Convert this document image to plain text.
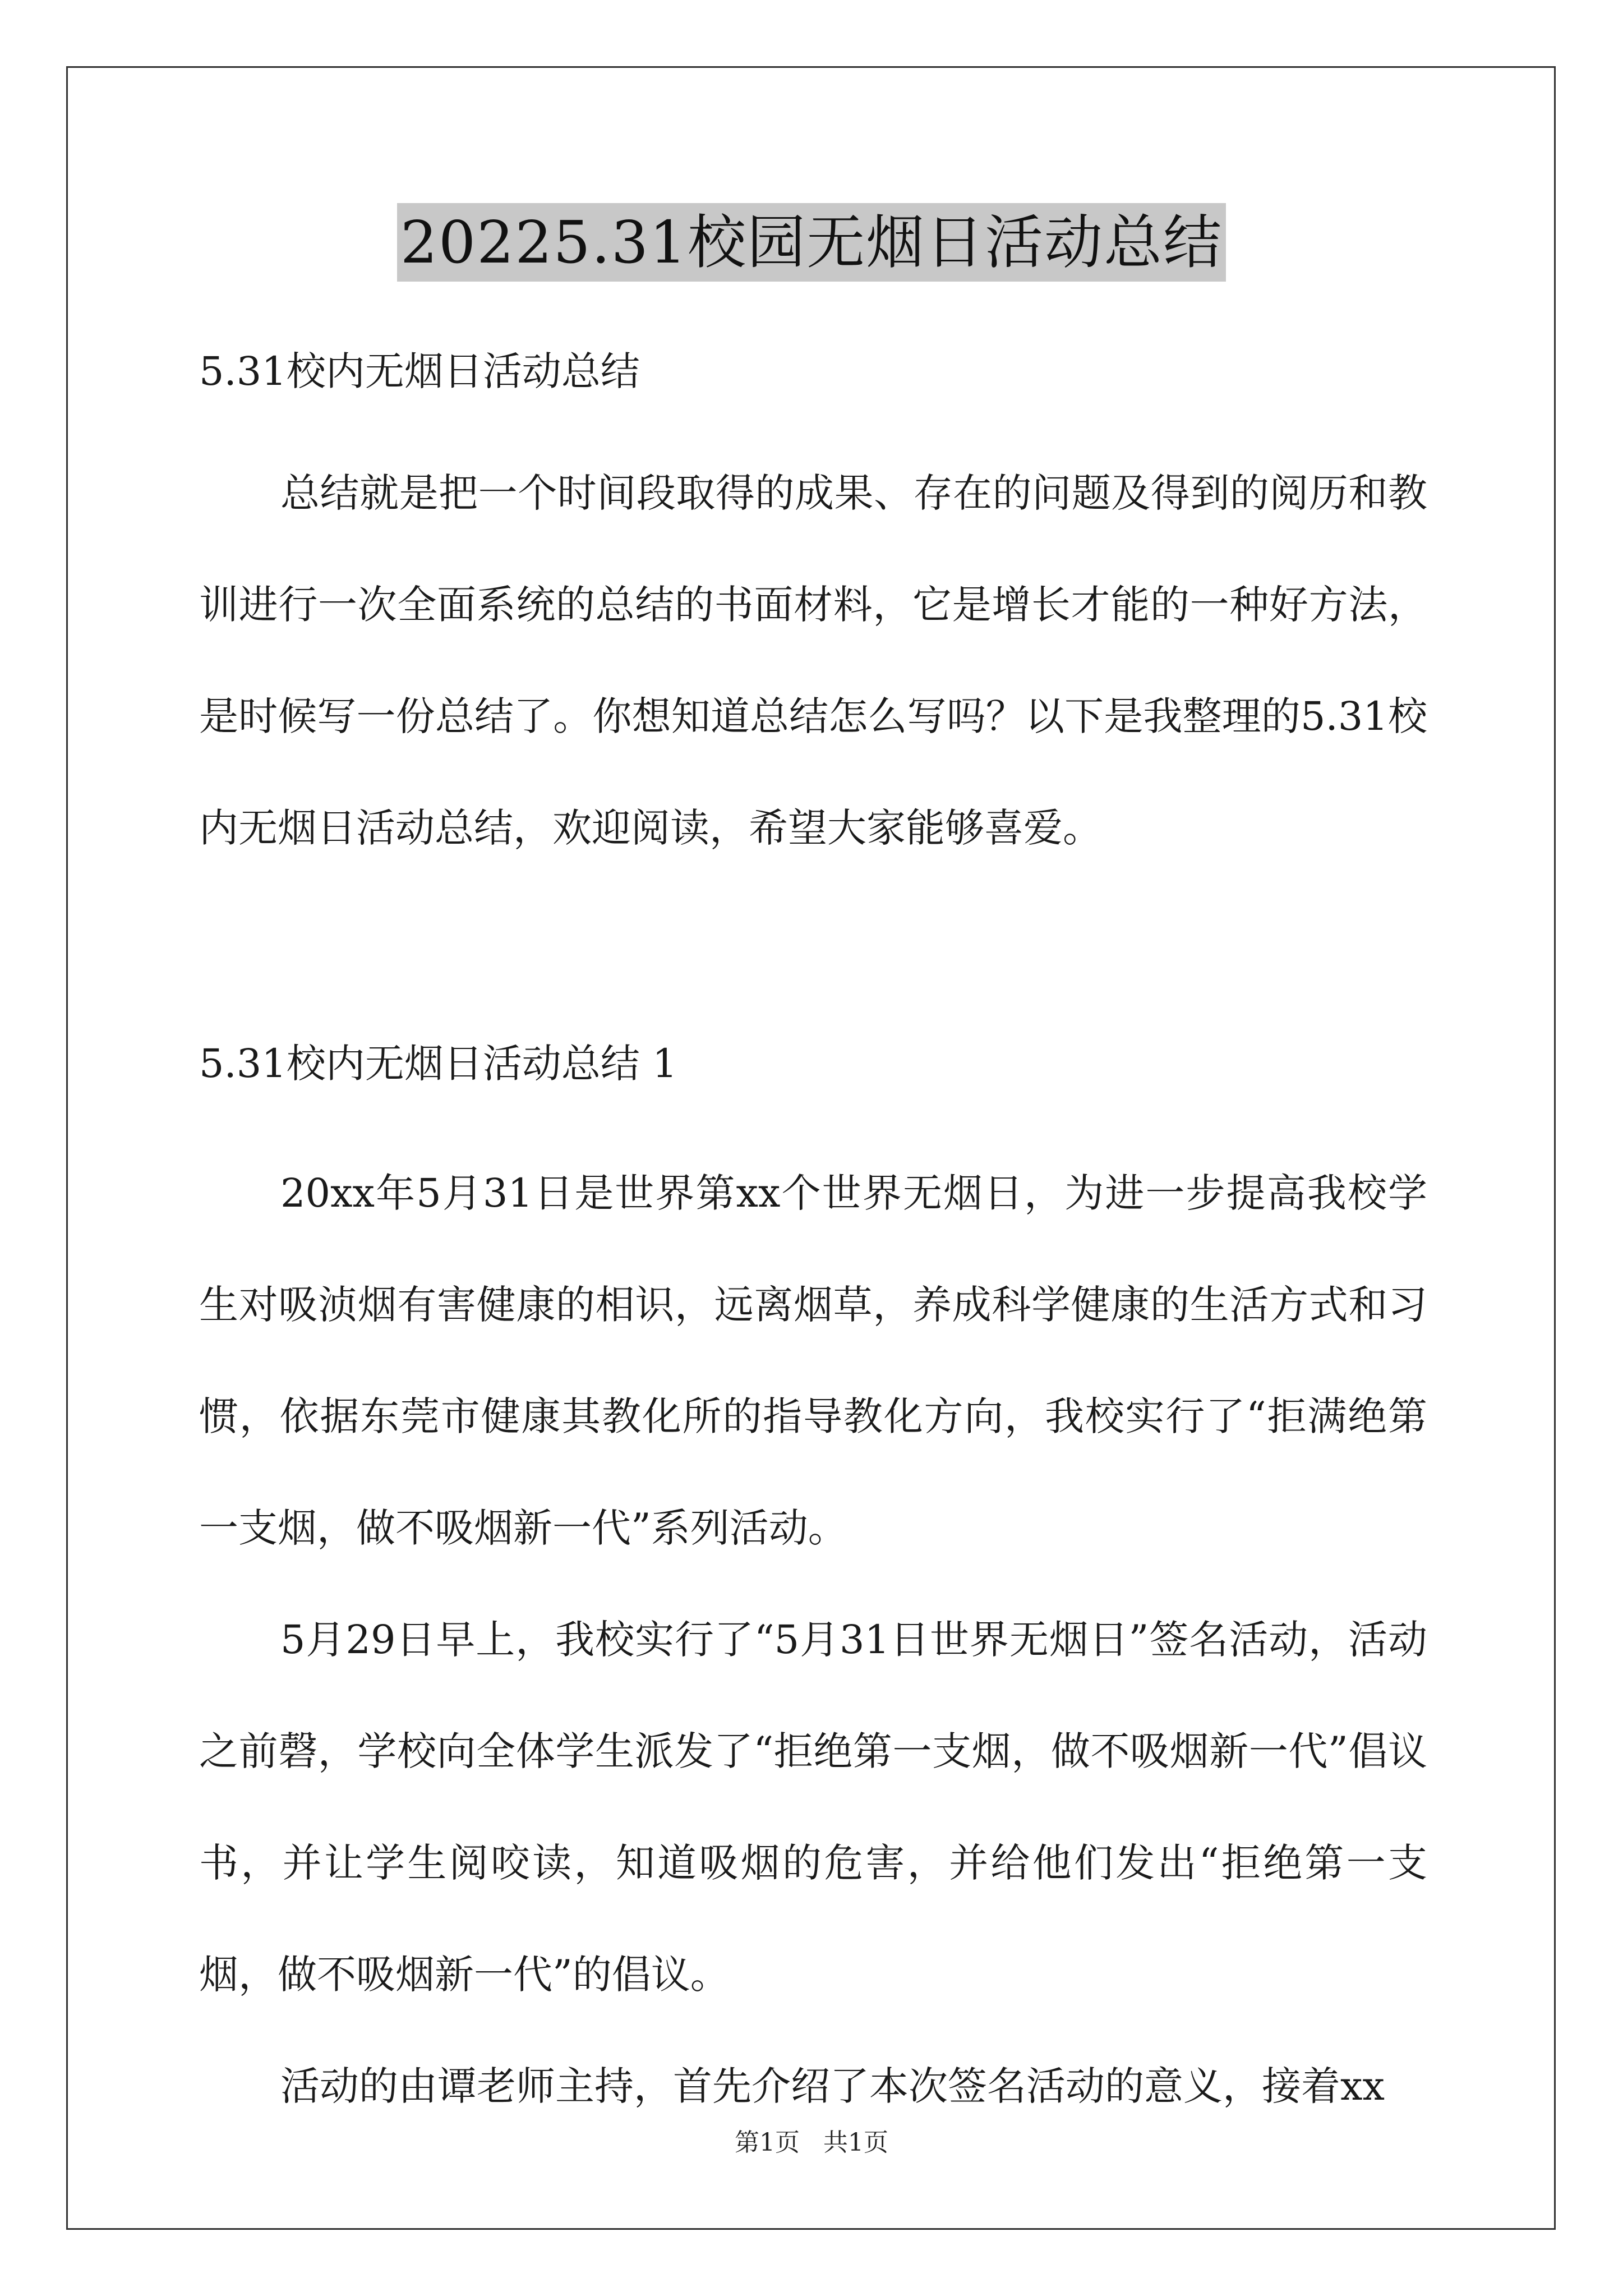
20225.31校园无烟日活动总结

5.31校内无烟日活动总结

总结就是把一个时间段取得的成果、存在的问题及得到的阅历和教训进行一次全面系统的总结的书面材料，它是增长才能的一种好方法，是时候写一份总结了。你想知道总结怎么写吗？以下是我整理的5.31校内无烟日活动总结，欢迎阅读，希望大家能够喜爱。

5.31校内无烟日活动总结 1

20xx年5月31日是世界第xx个世界无烟日，为进一步提高我校学生对吸浈烟有害健康的相识，远离烟草，养成科学健康的生活方式和习惯，依据东莞市健康其教化所的指导教化方向，我校实行了“拒满绝第一支烟，做不吸烟新一代”系列活动。

5月29日早上，我校实行了“5月31日世界无烟日”签名活动，活动之前磬，学校向全体学生派发了“拒绝第一支烟，做不吸烟新一代”倡议书，并让学生阅咬读，知道吸烟的危害，并给他们发出“拒绝第一支烟，做不吸烟新一代”的倡议。

活动的由谭老师主持，首先介绍了本次签名活动的意义，接着xx

第1页   共1页
